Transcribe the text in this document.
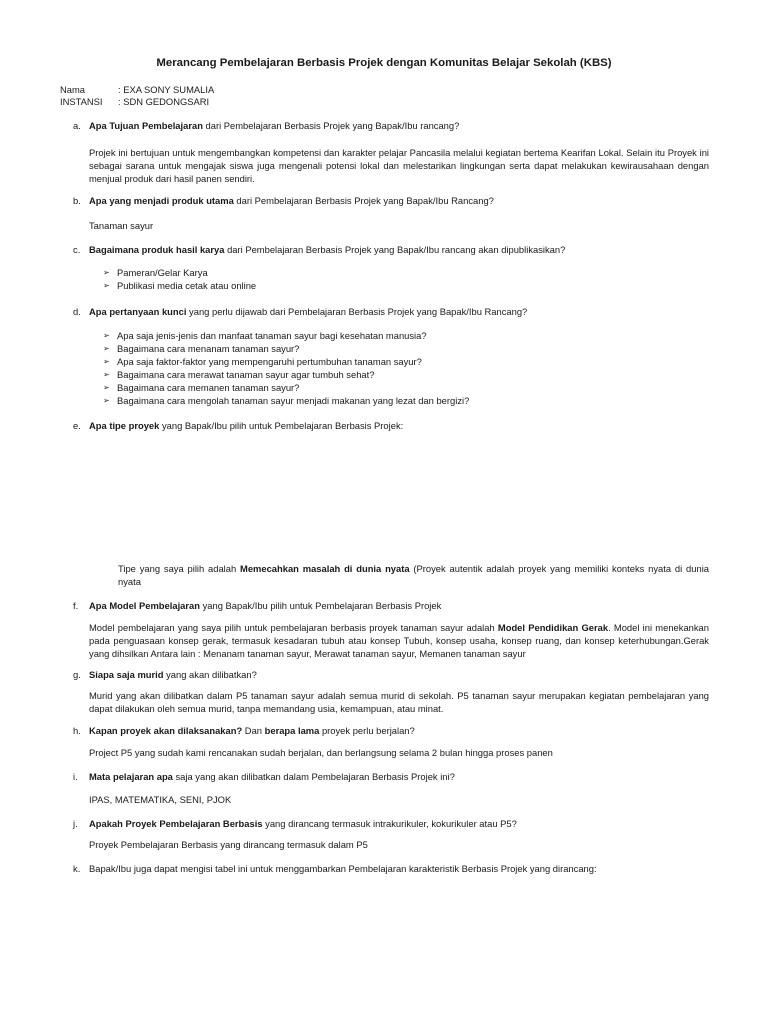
Merancang Pembelajaran Berbasis Projek dengan Komunitas Belajar Sekolah (KBS)
Nama	: EXA SONY SUMALIA
INSTANSI	: SDN GEDONGSARI
a. Apa Tujuan Pembelajaran dari Pembelajaran Berbasis Projek yang Bapak/Ibu rancang?
Projek ini bertujuan untuk mengembangkan kompetensi dan karakter pelajar Pancasila melalui kegiatan bertema Kearifan Lokal. Selain itu Proyek ini sebagai sarana untuk mengajak siswa juga mengenali potensi lokal dan melestarikan lingkungan serta dapat melakukan kewirausahaan dengan menjual produk dari hasil panen sendiri.
b. Apa yang menjadi produk utama dari Pembelajaran Berbasis Projek yang Bapak/Ibu Rancang?
Tanaman sayur
c. Bagaimana produk hasil karya dari Pembelajaran Berbasis Projek yang Bapak/Ibu rancang akan dipublikasikan?
➢ Pameran/Gelar Karya
➢ Publikasi media cetak atau online
d. Apa pertanyaan kunci yang perlu dijawab dari Pembelajaran Berbasis Projek yang Bapak/Ibu Rancang?
➢ Apa saja jenis-jenis dan manfaat tanaman sayur bagi kesehatan manusia?
➢ Bagaimana cara menanam tanaman sayur?
➢ Apa saja faktor-faktor yang mempengaruhi pertumbuhan tanaman sayur?
➢ Bagaimana cara merawat tanaman sayur agar tumbuh sehat?
➢ Bagaimana cara memanen tanaman sayur?
➢ Bagaimana cara mengolah tanaman sayur menjadi makanan yang lezat dan bergizi?
e. Apa tipe proyek yang Bapak/Ibu pilih untuk Pembelajaran Berbasis Projek:
Tipe yang saya pilih adalah Memecahkan masalah di dunia nyata (Proyek autentik adalah proyek yang memiliki konteks nyata di dunia nyata
f.	Apa Model Pembelajaran yang Bapak/Ibu pilih untuk Pembelajaran Berbasis Projek
Model pembelajaran yang saya pilih untuk pembelajaran berbasis proyek tanaman sayur adalah Model Pendidikan Gerak. Model ini menekankan pada penguasaan konsep gerak, termasuk kesadaran tubuh atau konsep Tubuh, konsep usaha, konsep ruang, dan konsep keterhubungan.Gerak yang dihsilkan Antara lain : Menanam tanaman sayur, Merawat tanaman sayur, Memanen tanaman sayur
g. Siapa saja murid yang akan dilibatkan?
Murid yang akan dilibatkan dalam P5 tanaman sayur adalah semua murid di sekolah. P5 tanaman sayur merupakan kegiatan pembelajaran yang dapat dilakukan oleh semua murid, tanpa memandang usia, kemampuan, atau minat.
h. Kapan proyek akan dilaksanakan? Dan berapa lama proyek perlu berjalan?
Project P5 yang sudah kami rencanakan sudah berjalan, dan berlangsung selama 2 bulan hingga proses panen
i.	Mata pelajaran apa saja yang akan dilibatkan dalam Pembelajaran Berbasis Projek ini?
IPAS, MATEMATIKA, SENI, PJOK
j.	Apakah Proyek Pembelajaran Berbasis yang dirancang termasuk intrakurikuler, kokurikuler atau P5?
Proyek Pembelajaran Berbasis yang dirancang termasuk dalam P5
k. Bapak/Ibu juga dapat mengisi tabel ini untuk menggambarkan Pembelajaran karakteristik Berbasis Projek yang dirancang:
